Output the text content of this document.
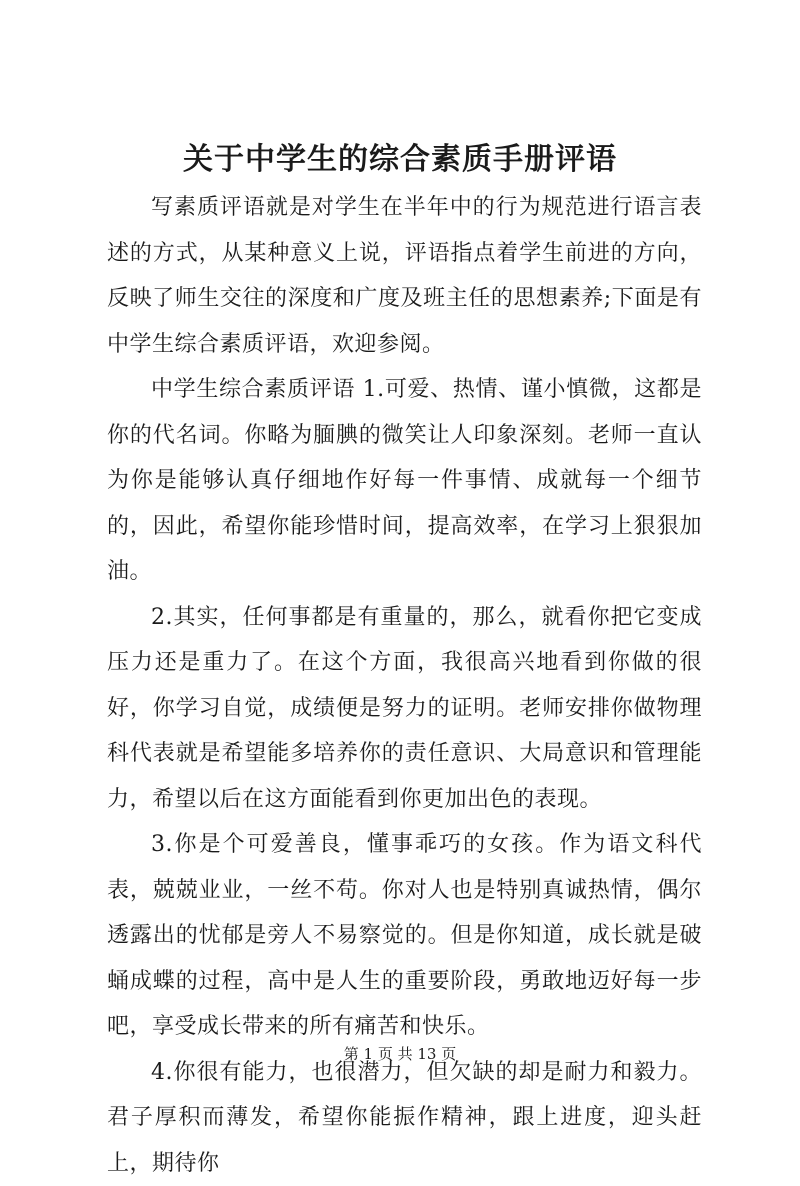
关于中学生的综合素质手册评语

写素质评语就是对学生在半年中的行为规范进行语言表述的方式，从某种意义上说，评语指点着学生前进的方向，反映了师生交往的深度和广度及班主任的思想素养;下面是有中学生综合素质评语，欢迎参阅。

中学生综合素质评语 1.可爱、热情、谨小慎微，这都是你的代名词。你略为腼腆的微笑让人印象深刻。老师一直认为你是能够认真仔细地作好每一件事情、成就每一个细节的，因此，希望你能珍惜时间，提高效率，在学习上狠狠加油。

2.其实，任何事都是有重量的，那么，就看你把它变成压力还是重力了。在这个方面，我很高兴地看到你做的很好，你学习自觉，成绩便是努力的证明。老师安排你做物理科代表就是希望能多培养你的责任意识、大局意识和管理能力，希望以后在这方面能看到你更加出色的表现。

3.你是个可爱善良，懂事乖巧的女孩。作为语文科代表，兢兢业业，一丝不苟。你对人也是特别真诚热情，偶尔透露出的忧郁是旁人不易察觉的。但是你知道，成长就是破蛹成蝶的过程，高中是人生的重要阶段，勇敢地迈好每一步吧，享受成长带来的所有痛苦和快乐。

4.你很有能力，也很潜力，但欠缺的却是耐力和毅力。君子厚积而薄发，希望你能振作精神，跟上进度，迎头赶上，期待你

第 1 页 共 13 页
